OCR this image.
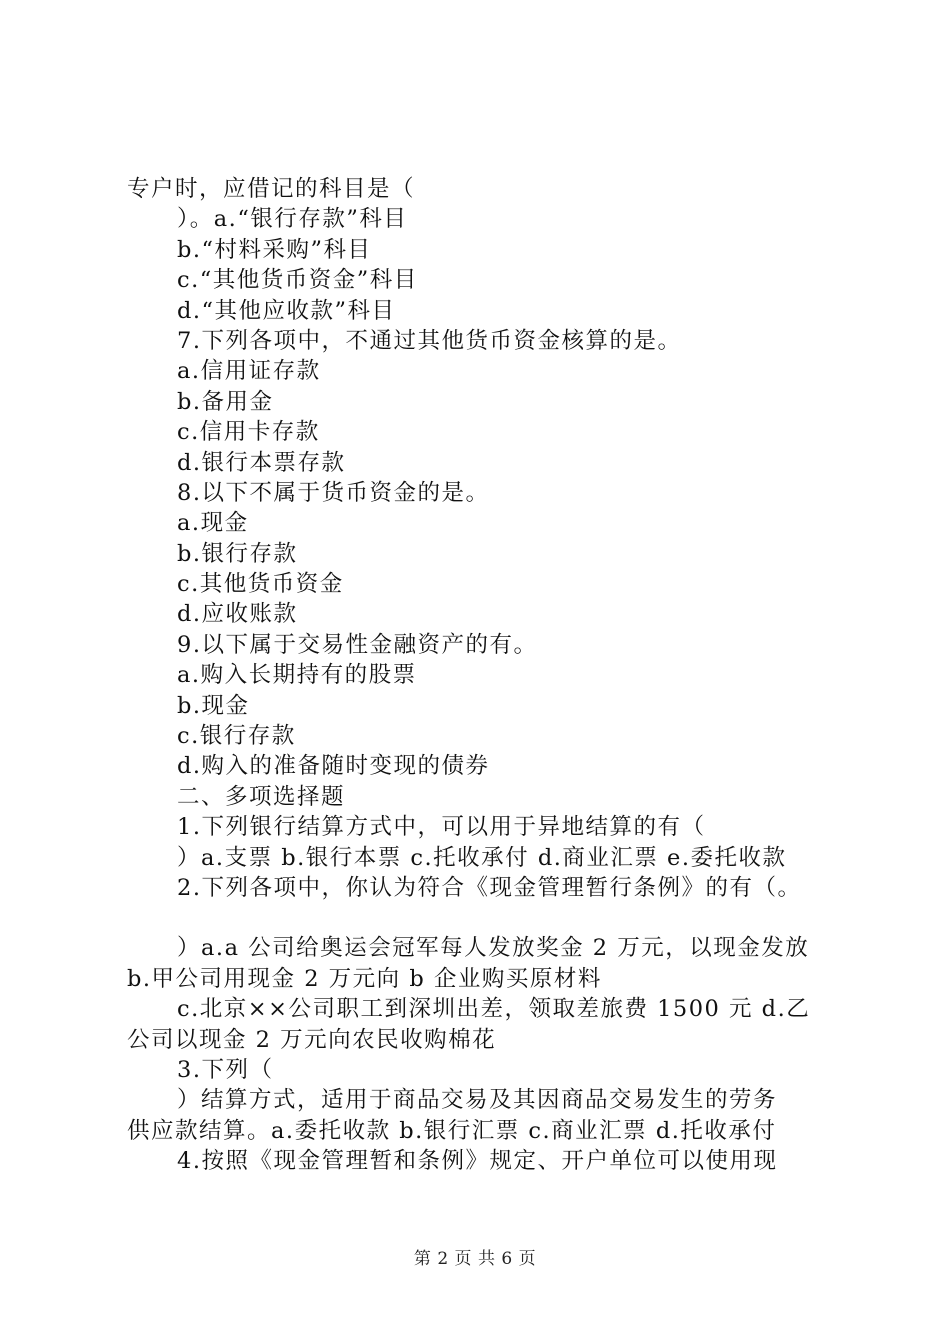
专户时，应借记的科目是（
）。a.“银行存款”科目
b.“村料采购”科目
c.“其他货币资金”科目
d.“其他应收款”科目
7.下列各项中，不通过其他货币资金核算的是。
a.信用证存款
b.备用金
c.信用卡存款
d.银行本票存款
8.以下不属于货币资金的是。
a.现金
b.银行存款
c.其他货币资金
d.应收账款
9.以下属于交易性金融资产的有。
a.购入长期持有的股票
b.现金
c.银行存款
d.购入的准备随时变现的债券
二、多项选择题
1.下列银行结算方式中，可以用于异地结算的有（
）a.支票 b.银行本票 c.托收承付 d.商业汇票 e.委托收款
2.下列各项中，你认为符合《现金管理暂行条例》的有（。
）a.a 公司给奥运会冠军每人发放奖金 2 万元，以现金发放
b.甲公司用现金 2 万元向 b 企业购买原材料
c.北京××公司职工到深圳出差，领取差旅费 1500 元 d.乙
公司以现金 2 万元向农民收购棉花
3.下列（
）结算方式，适用于商品交易及其因商品交易发生的劳务
供应款结算。a.委托收款 b.银行汇票 c.商业汇票 d.托收承付
4.按照《现金管理暂和条例》规定、开户单位可以使用现
第 2 页 共 6 页
